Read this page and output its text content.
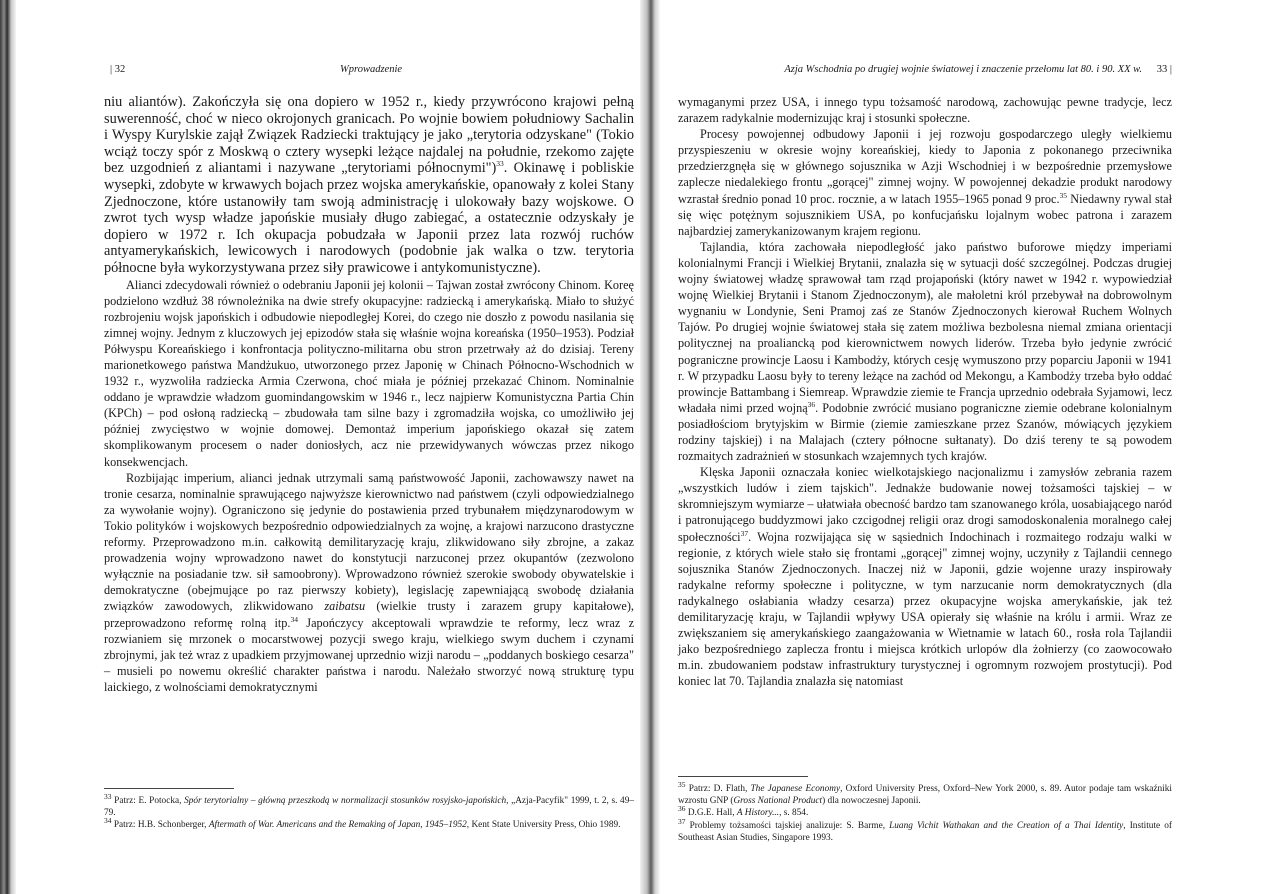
| 32	Wprowadzenie

niu aliantów). Zakończyła się ona dopiero w 1952 r., kiedy przywrócono krajowi pełną suwerenność, choć w nieco okrojonych granicach. Po wojnie bowiem południowy Sachalin i Wyspy Kurylskie zajął Związek Radziecki traktujący je jako „terytoria odzyskane" (Tokio wciąż toczy spór z Moskwą o cztery wysepki leżące najdalej na południe, rzekomo zajęte bez uzgodnień z aliantami i nazywane „terytoriami północnymi")$^{33}$. Okinawę i pobliskie wysepki, zdobyte w krwawych bojach przez wojska amerykańskie, opanowały z kolei Stany Zjednoczone, które ustanowiły tam swoją administrację i ulokowały bazy wojskowe. O zwrot tych wysp władze japońskie musiały długo zabiegać, a ostatecznie odzyskały je dopiero w 1972 r. Ich okupacja pobudzała w Japonii przez lata rozwój ruchów antyamerykańskich, lewicowych i narodowych (podobnie jak walka o tzw. terytoria północne była wykorzystywana przez siły prawicowe i antykomunistyczne).

Alianci zdecydowali również o odebraniu Japonii jej kolonii – Tajwan został zwrócony Chinom. Koreę podzielono wzdłuż 38 równoleżnika na dwie strefy okupacyjne: radziecką i amerykańską. Miało to służyć rozbrojeniu wojsk japońskich i odbudowie niepodległej Korei, do czego nie doszło z powodu nasilania się zimnej wojny. Jednym z kluczowych jej epizodów stała się właśnie wojna koreańska (1950–1953). Podział Półwyspu Koreańskiego i konfrontacja polityczno-militarna obu stron przetrwały aż do dzisiaj. Tereny marionetkowego państwa Mandżukuo, utworzonego przez Japonię w Chinach Północno-Wschodnich w 1932 r., wyzwoliła radziecka Armia Czerwona, choć miała je później przekazać Chinom. Nominalnie oddano je wprawdzie władzom guomindangowskim w 1946 r., lecz najpierw Komunistyczna Partia Chin (KPCh) – pod osłoną radziecką – zbudowała tam silne bazy i zgromadziła wojska, co umożliwiło jej później zwycięstwo w wojnie domowej. Demontaż imperium japońskiego okazał się zatem skomplikowanym procesem o nader doniosłych, acz nie przewidywanych wówczas przez nikogo konsekwencjach.

Rozbijając imperium, alianci jednak utrzymali samą państwowość Japonii, zachowawszy nawet na tronie cesarza, nominalnie sprawującego najwyższe kierownictwo nad państwem (czyli odpowiedzialnego za wywołanie wojny). Ograniczono się jedynie do postawienia przed trybunałem międzynarodowym w Tokio polityków i wojskowych bezpośrednio odpowiedzialnych za wojnę, a krajowi narzucono drastyczne reformy. Przeprowadzono m.in. całkowitą demilitaryzację kraju, zlikwidowano siły zbrojne, a zakaz prowadzenia wojny wprowadzono nawet do konstytucji narzuconej przez okupantów (zezwolono wyłącznie na posiadanie tzw. sił samoobrony). Wprowadzono również szerokie swobody obywatelskie i demokratyczne (obejmujące po raz pierwszy kobiety), legislację zapewniającą swobodę działania związków zawodowych, zlikwidowano zaibatsu (wielkie trusty i zarazem grupy kapitałowe), przeprowadzono reformę rolną itp.$^{34}$ Japończycy akceptowali wprawdzie te reformy, lecz wraz z rozwianiem się mrzonek o mocarstwowej pozycji swego kraju, wielkiego swym duchem i czynami zbrojnymi, jak też wraz z upadkiem przyjmowanej uprzednio wizji narodu – „poddanych boskiego cesarza" – musieli po nowemu określić charakter państwa i narodu. Należało stworzyć nową strukturę typu laickiego, z wolnościami demokratycznymi

$^{33}$ Patrz: E. Potocka, Spór terytorialny – główną przeszkodą w normalizacji stosunków rosyjsko-japońskich, „Azja-Pacyfik" 1999, t. 2, s. 49–79.

$^{34}$ Patrz: H.B. Schonberger, Aftermath of War. Americans and the Remaking of Japan, 1945–1952, Kent State University Press, Ohio 1989.

Azja Wschodnia po drugiej wojnie światowej i znaczenie przełomu lat 80. i 90. XX w. 33 |

wymaganymi przez USA, i innego typu tożsamość narodową, zachowując pewne tradycje, lecz zarazem radykalnie modernizując kraj i stosunki społeczne.

Procesy powojennej odbudowy Japonii i jej rozwoju gospodarczego uległy wielkiemu przyspieszeniu w okresie wojny koreańskiej, kiedy to Japonia z pokonanego przeciwnika przedzierzgnęła się w głównego sojusznika w Azji Wschodniej i w bezpośrednie przemysłowe zaplecze niedalekiego frontu „gorącej" zimnej wojny. W powojennej dekadzie produkt narodowy wzrastał średnio ponad 10 proc. rocznie, a w latach 1955–1965 ponad 9 proc.$^{35}$ Niedawny rywal stał się więc potężnym sojusznikiem USA, po konfucjańsku lojalnym wobec patrona i zarazem najbardziej zamerykanizowanym krajem regionu.

Tajlandia, która zachowała niepodległość jako państwo buforowe między imperiami kolonialnymi Francji i Wielkiej Brytanii, znalazła się w sytuacji dość szczególnej. Podczas drugiej wojny światowej władzę sprawował tam rząd projapoński (który nawet w 1942 r. wypowiedział wojnę Wielkiej Brytanii i Stanom Zjednoczonym), ale małoletni król przebywał na dobrowolnym wygnaniu w Londynie, Seni Pramoj zaś ze Stanów Zjednoczonych kierował Ruchem Wolnych Tajów. Po drugiej wojnie światowej stała się zatem możliwa bezbolesna niemal zmiana orientacji politycznej na proaliancką pod kierownictwem nowych liderów. Trzeba było jedynie zwrócić pograniczne prowincje Laosu i Kambodży, których cesję wymuszono przy poparciu Japonii w 1941 r. W przypadku Laosu były to tereny leżące na zachód od Mekongu, a Kambodży trzeba było oddać prowincje Battambang i Siemreap. Wprawdzie ziemie te Francja uprzednio odebrała Syjamowi, lecz władała nimi przed wojną$^{36}$. Podobnie zwrócić musiano pograniczne ziemie odebrane kolonialnym posiadłościom brytyjskim w Birmie (ziemie zamieszkane przez Szanów, mówiących językiem rodziny tajskiej) i na Malajach (cztery północne sułtanaty). Do dziś tereny te są powodem rozmaitych zadrażnień w stosunkach wzajemnych tych krajów.

Klęska Japonii oznaczała koniec wielkotajskiego nacjonalizmu i zamysłów zebrania razem „wszystkich ludów i ziem tajskich". Jednakże budowanie nowej tożsamości tajskiej – w skromniejszym wymiarze – ułatwiała obecność bardzo tam szanowanego króla, uosabiającego naród i patronującego buddyzmowi jako czcigodnej religii oraz drogi samodoskonalenia moralnego całej społeczności$^{37}$. Wojna rozwijająca się w sąsiednich Indochinach i rozmaitego rodzaju walki w regionie, z których wiele stało się frontami „gorącej" zimnej wojny, uczyniły z Tajlandii cennego sojusznika Stanów Zjednoczonych. Inaczej niż w Japonii, gdzie wojenne urazy inspirowały radykalne reformy społeczne i polityczne, w tym narzucanie norm demokratycznych (dla radykalnego osłabiania władzy cesarza) przez okupacyjne wojska amerykańskie, jak też demilitaryzację kraju, w Tajlandii wpływy USA opierały się właśnie na królu i armii. Wraz ze zwiększaniem się amerykańskiego zaangażowania w Wietnamie w latach 60., rosła rola Tajlandii jako bezpośredniego zaplecza frontu i miejsca krótkich urlopów dla żołnierzy (co zaowocowało m.in. zbudowaniem podstaw infrastruktury turystycznej i ogromnym rozwojem prostytucji). Pod koniec lat 70. Tajlandia znalazła się natomiast

$^{35}$ Patrz: D. Flath, The Japanese Economy, Oxford University Press, Oxford–New York 2000, s. 89. Autor podaje tam wskaźniki wzrostu GNP (Gross National Product) dla nowoczesnej Japonii.

$^{36}$ D.G.E. Hall, A History..., s. 854.

$^{37}$ Problemy tożsamości tajskiej analizuje: S. Barme, Luang Vichit Wathakan and the Creation of a Thai Identity, Institute of Southeast Asian Studies, Singapore 1993.
